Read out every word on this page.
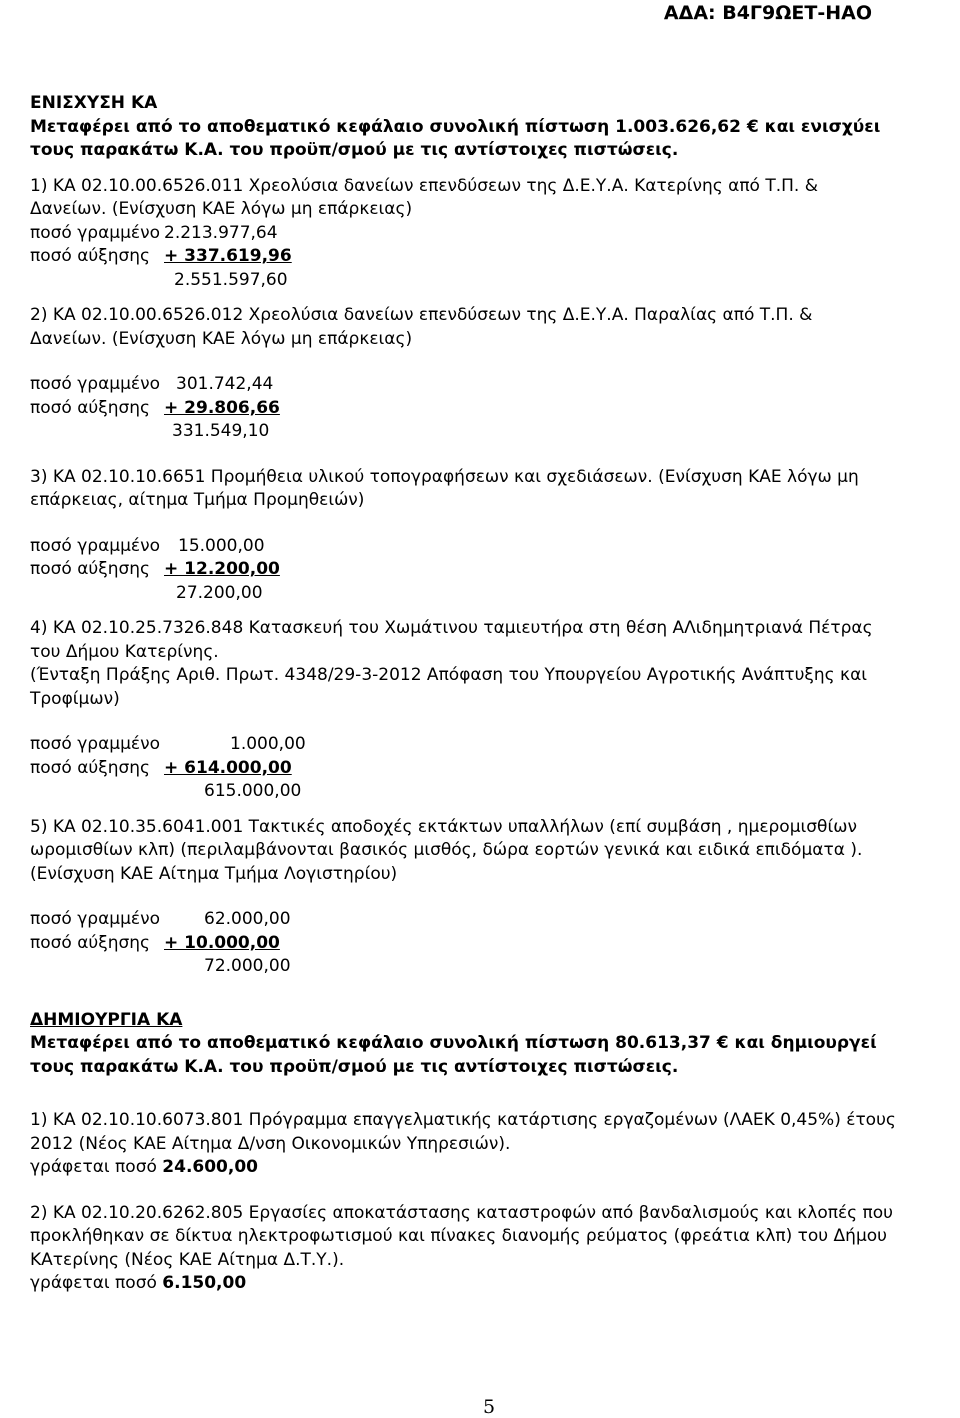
ΑΔΑ: Β4Γ9ΩΕΤ-ΗΑΟ
ΕΝΙΣΧΥΣΗ ΚΑ
Μεταφέρει από το αποθεματικό κεφάλαιο συνολική πίστωση 1.003.626,62 € και ενισχύει
τους παρακάτω Κ.Α. του προϋπ/σμού με τις αντίστοιχες πιστώσεις.
1) ΚΑ 02.10.00.6526.011 Χρεολύσια δανείων επενδύσεων της Δ.Ε.Υ.Α. Κατερίνης από Τ.Π. &
Δανείων. (Ενίσχυση ΚΑΕ λόγω μη επάρκειας)
ποσό γραμμένο 2.213.977,64
ποσό αύξησης + 337.619,96
2.551.597,60
2) ΚΑ 02.10.00.6526.012 Χρεολύσια δανείων επενδύσεων της Δ.Ε.Υ.Α. Παραλίας από Τ.Π. &
Δανείων. (Ενίσχυση ΚΑΕ λόγω μη επάρκειας)
ποσό γραμμένο 301.742,44
ποσό αύξησης + 29.806,66
331.549,10
3) ΚΑ 02.10.10.6651 Προμήθεια υλικού τοπογραφήσεων και σχεδιάσεων. (Ενίσχυση ΚΑΕ λόγω μη
επάρκειας, αίτημα Τμήμα Προμηθειών)
ποσό γραμμένο	15.000,00
ποσό αύξησης + 12.200,00
27.200,00
4) ΚΑ 02.10.25.7326.848 Κατασκευή του Χωμάτινου ταμιευτήρα στη θέση ΑΛιδημητριανά Πέτρας
του Δήμου Κατερίνης.
(Ένταξη Πράξης Αριθ. Πρωτ. 4348/29-3-2012 Απόφαση του Υπουργείου Αγροτικής Ανάπτυξης και
Τροφίμων)
ποσό γραμμένο	1.000,00
ποσό αύξησης + 614.000,00
615.000,00
5) ΚΑ 02.10.35.6041.001 Τακτικές αποδοχές εκτάκτων υπαλλήλων (επί συμβάση , ημερομισθίων
ωρομισθίων κλπ) (περιλαμβάνονται βασικός μισθός, δώρα εορτών γενικά και ειδικά επιδόματα ).
(Ενίσχυση ΚΑΕ Αίτημα Τμήμα Λογιστηρίου)
ποσό γραμμένο	62.000,00
ποσό αύξησης + 10.000,00
72.000,00
ΔΗΜΙΟΥΡΓΙΑ ΚΑ
Μεταφέρει από το αποθεματικό κεφάλαιο συνολική πίστωση 80.613,37 € και δημιουργεί
τους παρακάτω Κ.Α. του προϋπ/σμού με τις αντίστοιχες πιστώσεις.
1) ΚΑ 02.10.10.6073.801 Πρόγραμμα επαγγελματικής κατάρτισης εργαζομένων (ΛΑΕΚ 0,45%) έτους
2012 (Νέος ΚΑΕ Αίτημα Δ/νση Οικονομικών Υπηρεσιών).
γράφεται ποσό 24.600,00
2) ΚΑ 02.10.20.6262.805 Εργασίες αποκατάστασης καταστροφών από βανδαλισμούς και κλοπές που
προκλήθηκαν σε δίκτυα ηλεκτροφωτισμού και πίνακες διανομής ρεύματος (φρεάτια κλπ) του Δήμου
ΚΑτερίνης (Νέος ΚΑΕ Αίτημα Δ.Τ.Υ.).
γράφεται ποσό 6.150,00
5
